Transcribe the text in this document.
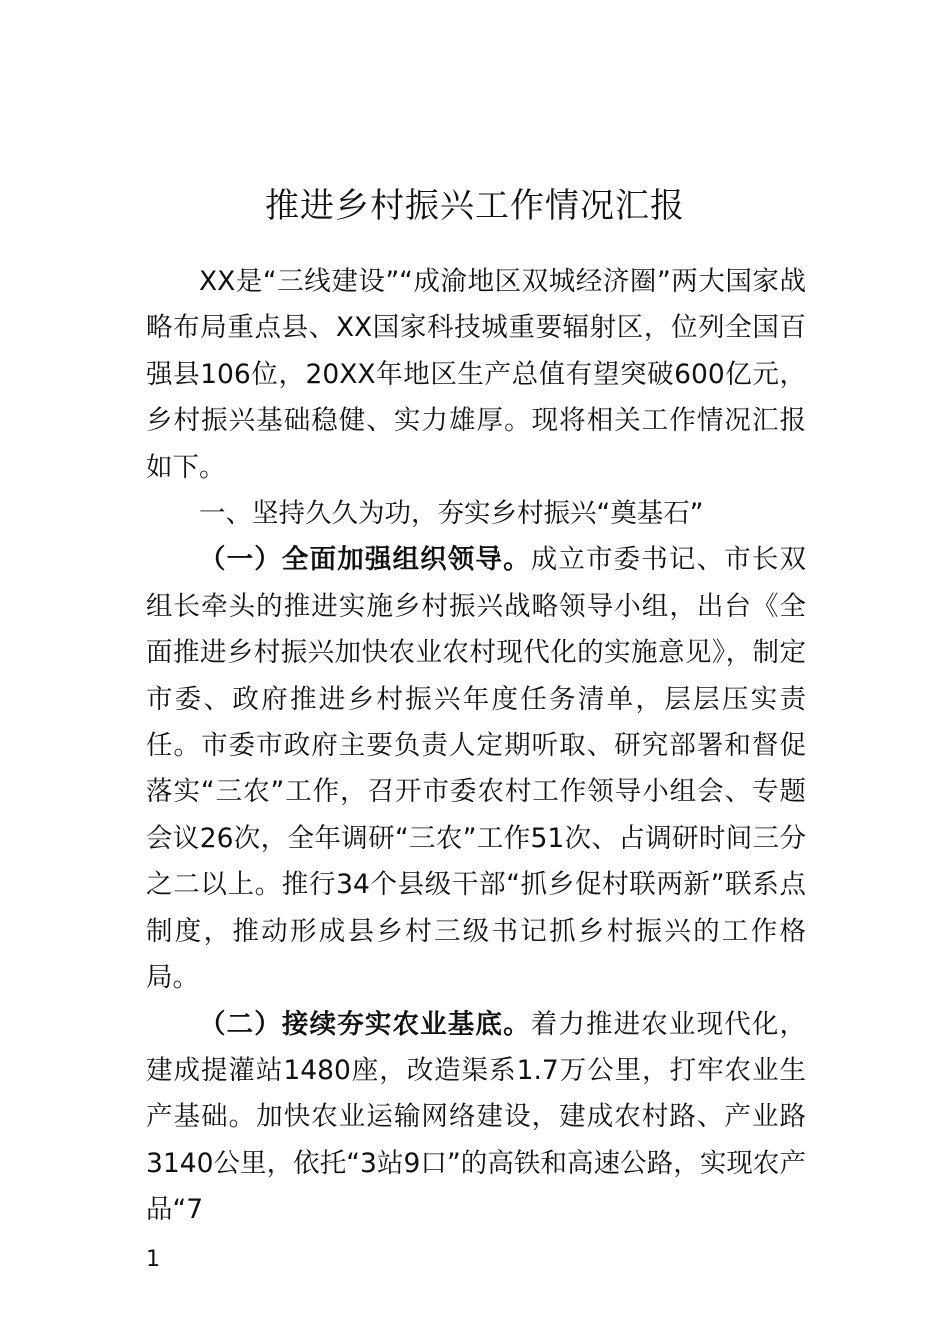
推进乡村振兴工作情况汇报

XX是“三线建设”“成渝地区双城经济圈”两大国家战略布局重点县、XX国家科技城重要辐射区，位列全国百强县106位，20XX年地区生产总值有望突破600亿元，乡村振兴基础稳健、实力雄厚。现将相关工作情况汇报如下。

一、坚持久久为功，夯实乡村振兴“奠基石”

（一）全面加强组织领导。成立市委书记、市长双组长牵头的推进实施乡村振兴战略领导小组，出台《全面推进乡村振兴加快农业农村现代化的实施意见》，制定市委、政府推进乡村振兴年度任务清单，层层压实责任。市委市政府主要负责人定期听取、研究部署和督促落实“三农”工作，召开市委农村工作领导小组会、专题会议26次，全年调研“三农”工作51次、占调研时间三分之二以上。推行34个县级干部“抓乡促村联两新”联系点制度，推动形成县乡村三级书记抓乡村振兴的工作格局。

（二）接续夯实农业基底。着力推进农业现代化，建成提灌站1480座，改造渠系1.7万公里，打牢农业生产基础。加快农业运输网络建设，建成农村路、产业路3140公里，依托“3站9口”的高铁和高速公路，实现农产品“7

1
